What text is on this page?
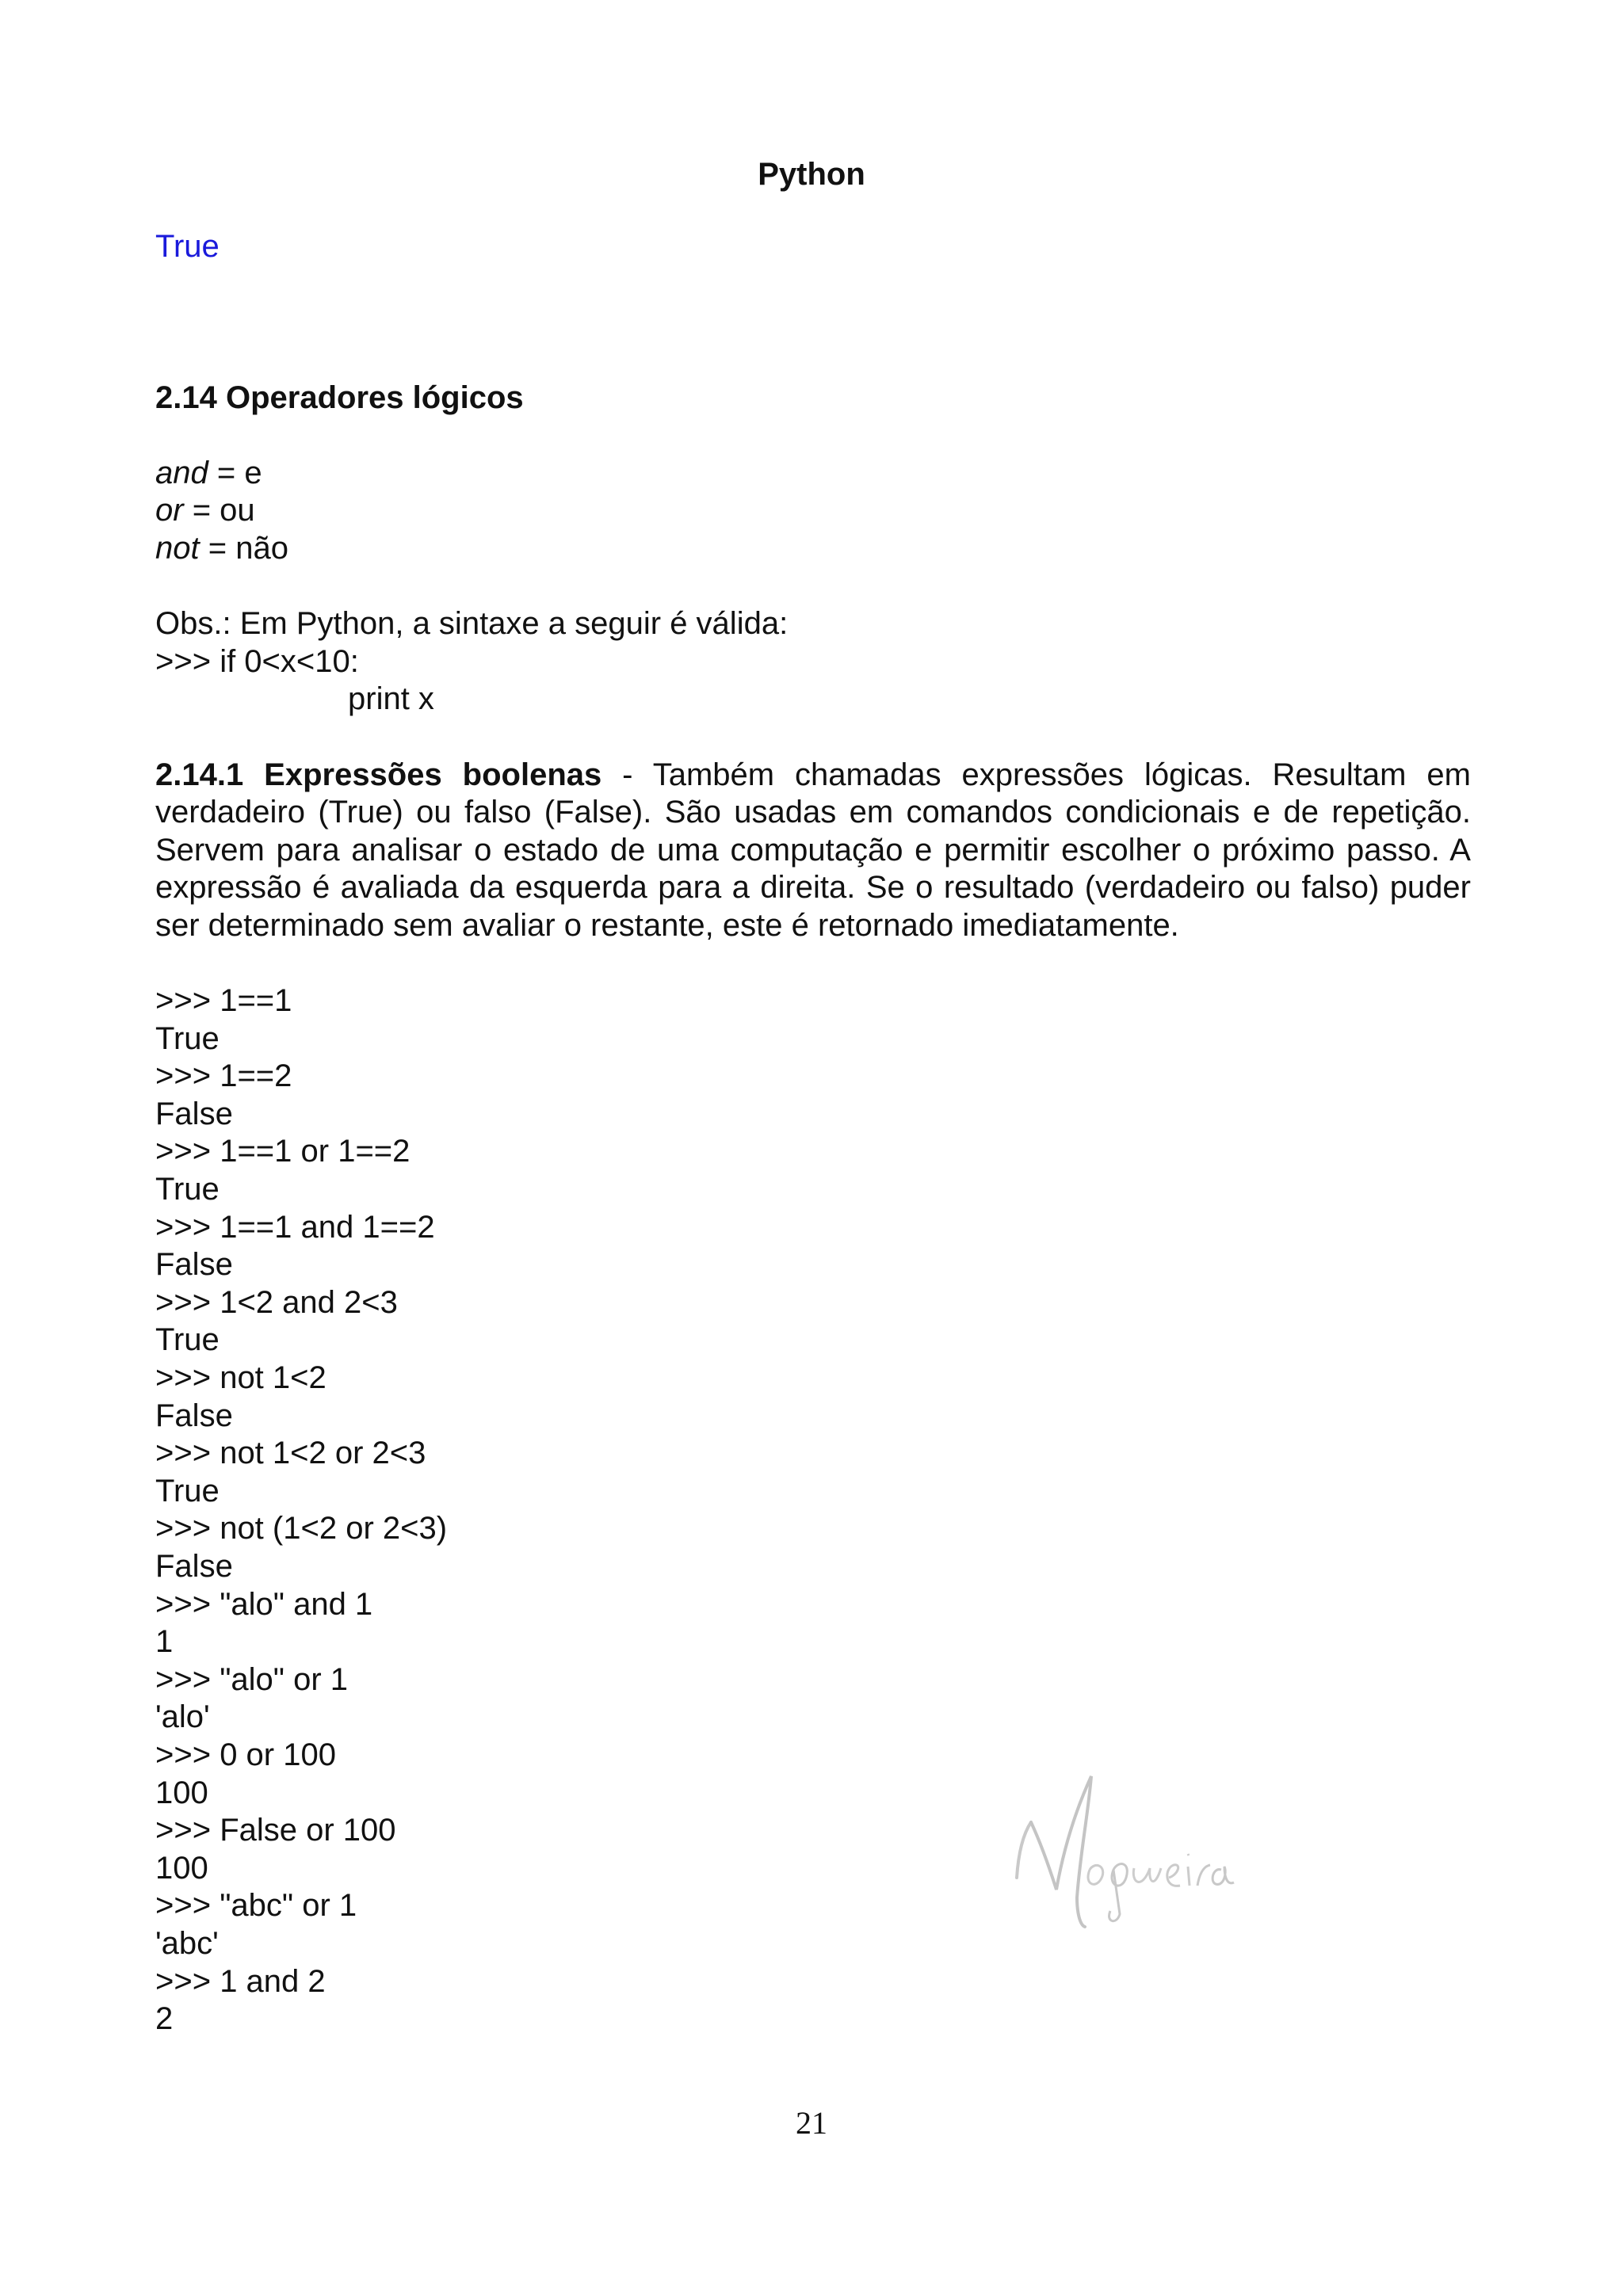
Python
True
2.14 Operadores lógicos
and = e
or = ou
not = não
Obs.: Em Python, a sintaxe a seguir é válida:
>>> if 0<x<10:
print x
2.14.1 Expressões boolenas - Também chamadas expressões lógicas. Resultam em verdadeiro (True) ou falso (False). São usadas em comandos condicionais e de repetição. Servem para analisar o estado de uma computação e permitir escolher o próximo passo. A expressão é avaliada da esquerda para a direita. Se o resultado (verdadeiro ou falso) puder ser determinado sem avaliar o restante, este é retornado imediatamente.
>>> 1==1
True
>>> 1==2
False
>>> 1==1 or 1==2
True
>>> 1==1 and 1==2
False
>>> 1<2 and 2<3
True
>>> not 1<2
False
>>> not 1<2 or 2<3
True
>>> not (1<2 or 2<3)
False
>>> "alo" and 1
1
>>> "alo" or 1
'alo'
>>> 0 or 100
100
>>> False or 100
100
>>> "abc" or 1
'abc'
>>> 1 and 2
2
21
